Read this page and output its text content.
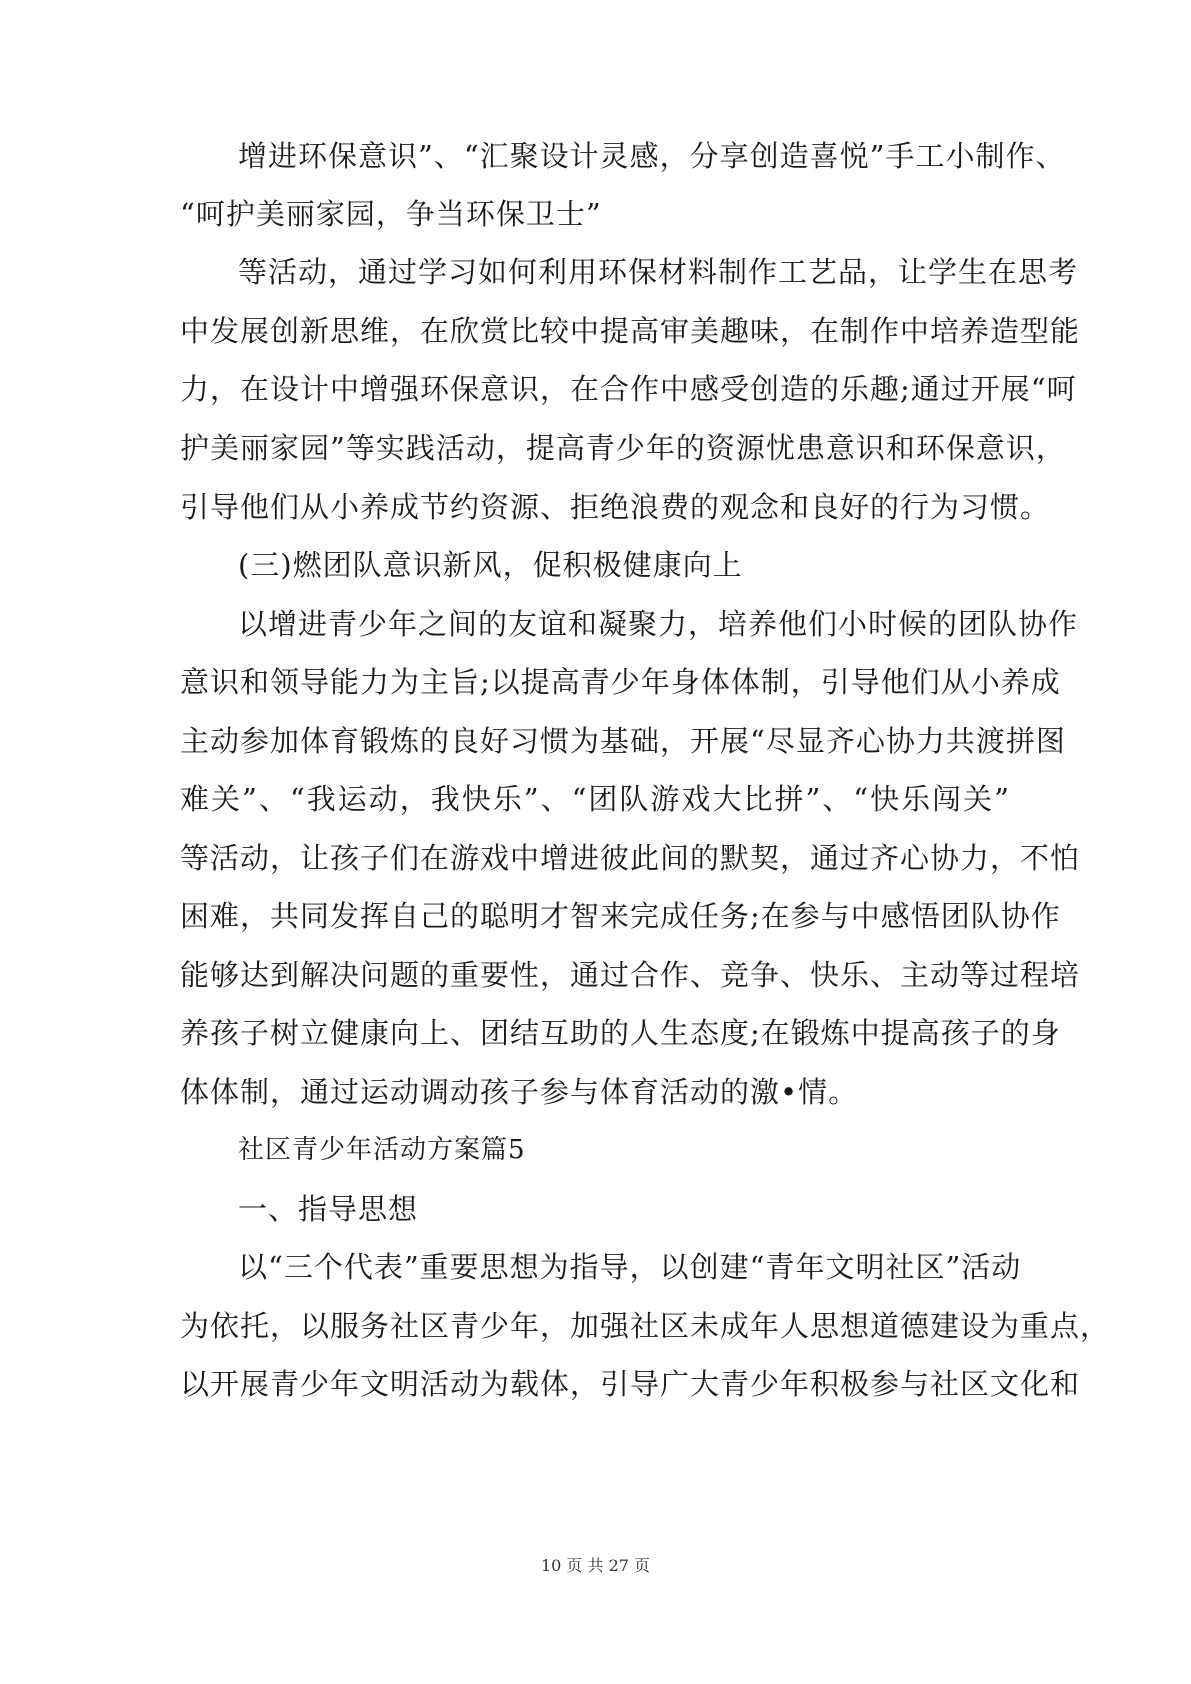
增进环保意识”、“汇聚设计灵感，分享创造喜悦”手工小制作、
“呵护美丽家园，争当环保卫士”
等活动，通过学习如何利用环保材料制作工艺品，让学生在思考
中发展创新思维，在欣赏比较中提高审美趣味，在制作中培养造型能
力，在设计中增强环保意识，在合作中感受创造的乐趣;通过开展“呵
护美丽家园”等实践活动，提高青少年的资源忧患意识和环保意识，
引导他们从小养成节约资源、拒绝浪费的观念和良好的行为习惯。
(三)燃团队意识新风，促积极健康向上
以增进青少年之间的友谊和凝聚力，培养他们小时候的团队协作
意识和领导能力为主旨;以提高青少年身体体制，引导他们从小养成
主动参加体育锻炼的良好习惯为基础，开展“尽显齐心协力共渡拼图
难关”、“我运动，我快乐”、“团队游戏大比拼”、“快乐闯关”
等活动，让孩子们在游戏中增进彼此间的默契，通过齐心协力，不怕
困难，共同发挥自己的聪明才智来完成任务;在参与中感悟团队协作
能够达到解决问题的重要性，通过合作、竞争、快乐、主动等过程培
养孩子树立健康向上、团结互助的人生态度;在锻炼中提高孩子的身
体体制，通过运动调动孩子参与体育活动的激•情。
社区青少年活动方案篇5
一、指导思想
以“三个代表”重要思想为指导，以创建“青年文明社区”活动
为依托，以服务社区青少年，加强社区未成年人思想道德建设为重点，
以开展青少年文明活动为载体，引导广大青少年积极参与社区文化和
10 页 共 27 页
